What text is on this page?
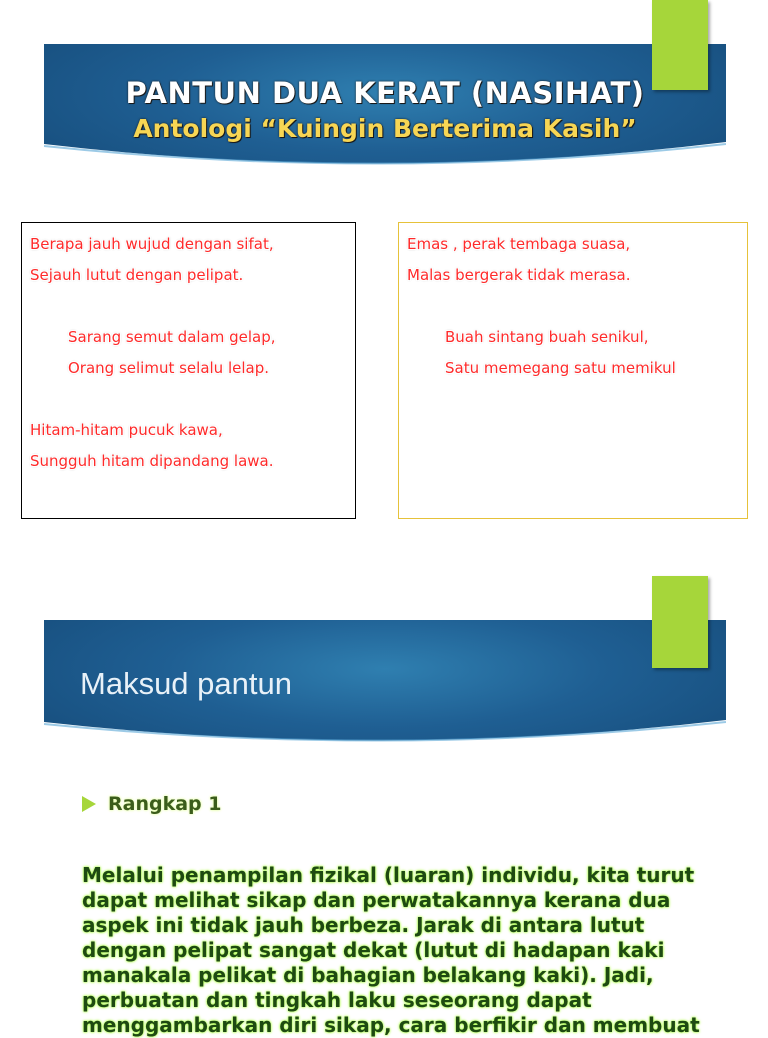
PANTUN DUA KERAT (NASIHAT)
Antologi “Kuingin Berterima Kasih”

Berapa jauh wujud dengan sifat,

Sejauh lutut dengan pelipat.

Sarang semut dalam gelap,

Orang selimut selalu lelap.

Hitam-hitam pucuk kawa,

Sungguh hitam dipandang lawa.

Emas , perak tembaga suasa,

Malas bergerak tidak merasa.

Buah sintang buah senikul,

Satu memegang satu memikul

Maksud pantun
Rangkap 1
Melalui penampilan fizikal (luaran) individu, kita turut dapat melihat sikap dan perwatakannya kerana dua aspek ini tidak jauh berbeza. Jarak di antara lutut dengan pelipat sangat dekat (lutut di hadapan kaki manakala pelikat di bahagian belakang kaki). Jadi, perbuatan dan tingkah laku seseorang dapat menggambarkan diri sikap, cara berfikir dan membuat
